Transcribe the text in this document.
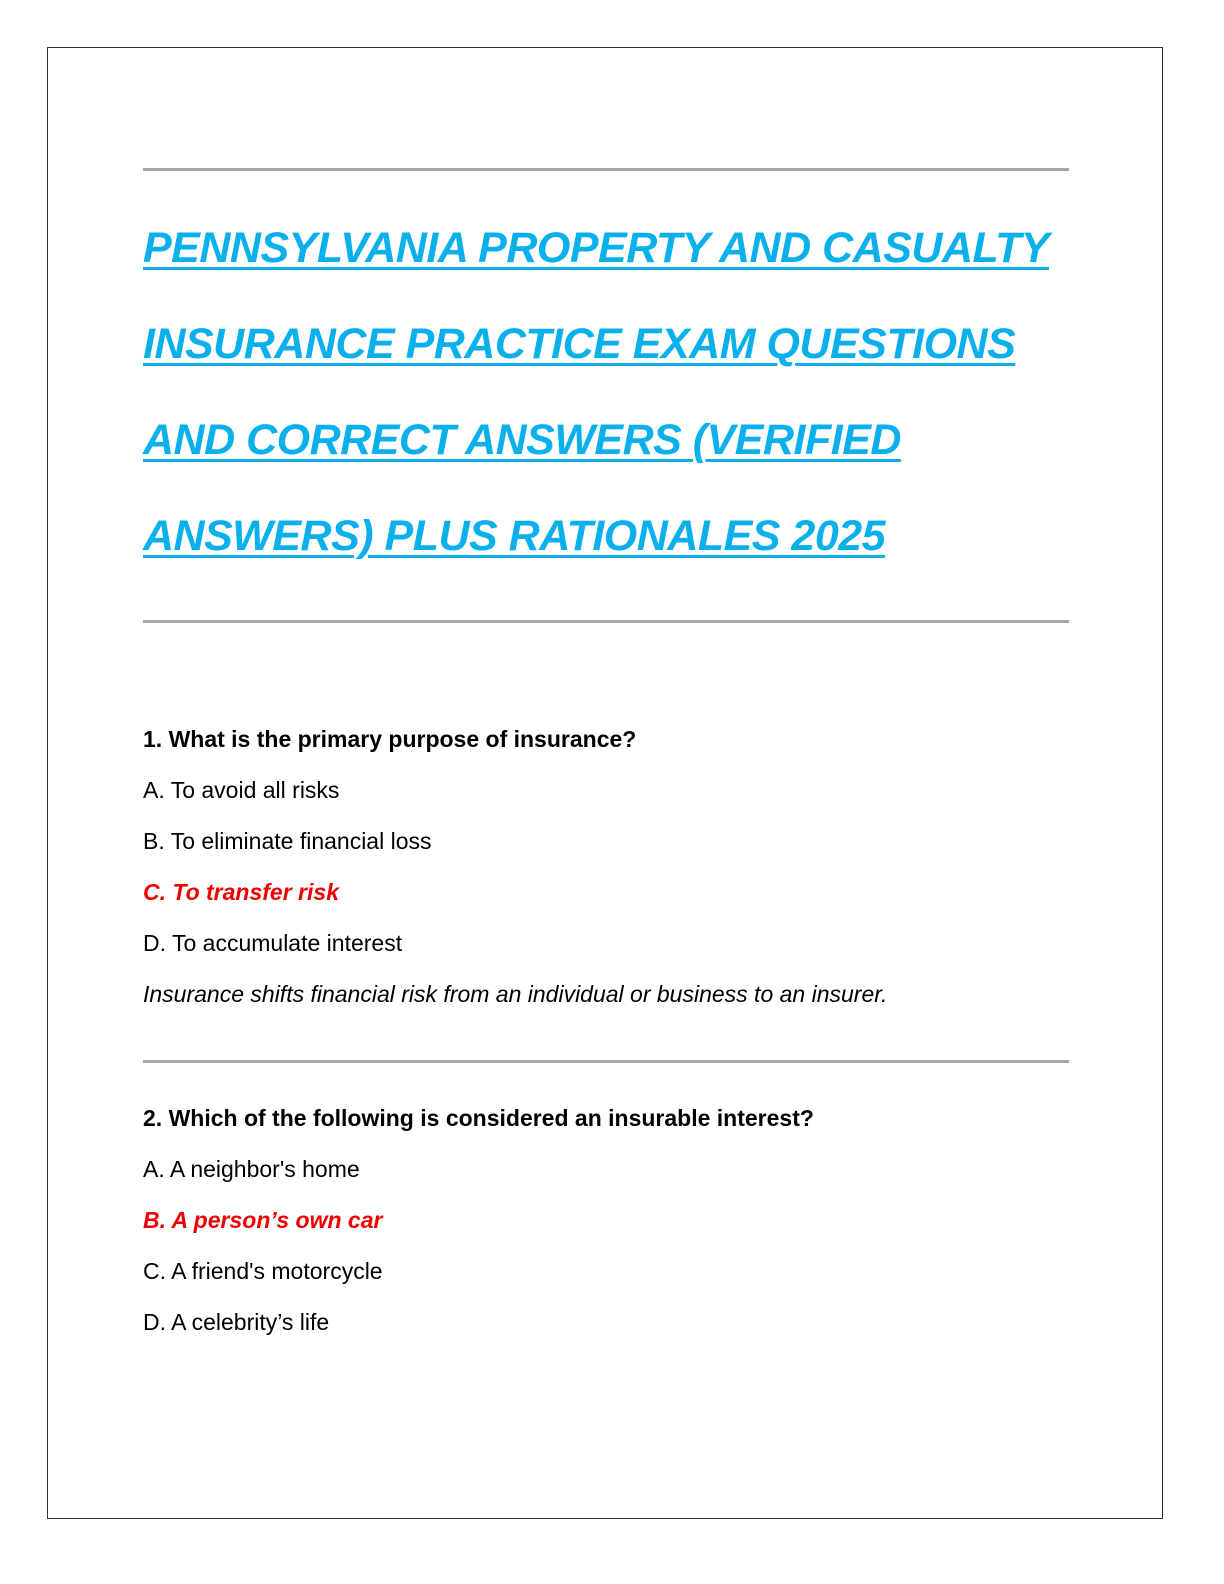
PENNSYLVANIA PROPERTY AND CASUALTY
INSURANCE PRACTICE EXAM QUESTIONS
AND CORRECT ANSWERS (VERIFIED
ANSWERS) PLUS RATIONALES 2025
1. What is the primary purpose of insurance?
A. To avoid all risks
B. To eliminate financial loss
C. To transfer risk
D. To accumulate interest
Insurance shifts financial risk from an individual or business to an insurer.
2. Which of the following is considered an insurable interest?
A. A neighbor's home
B. A person’s own car
C. A friend's motorcycle
D. A celebrity’s life
